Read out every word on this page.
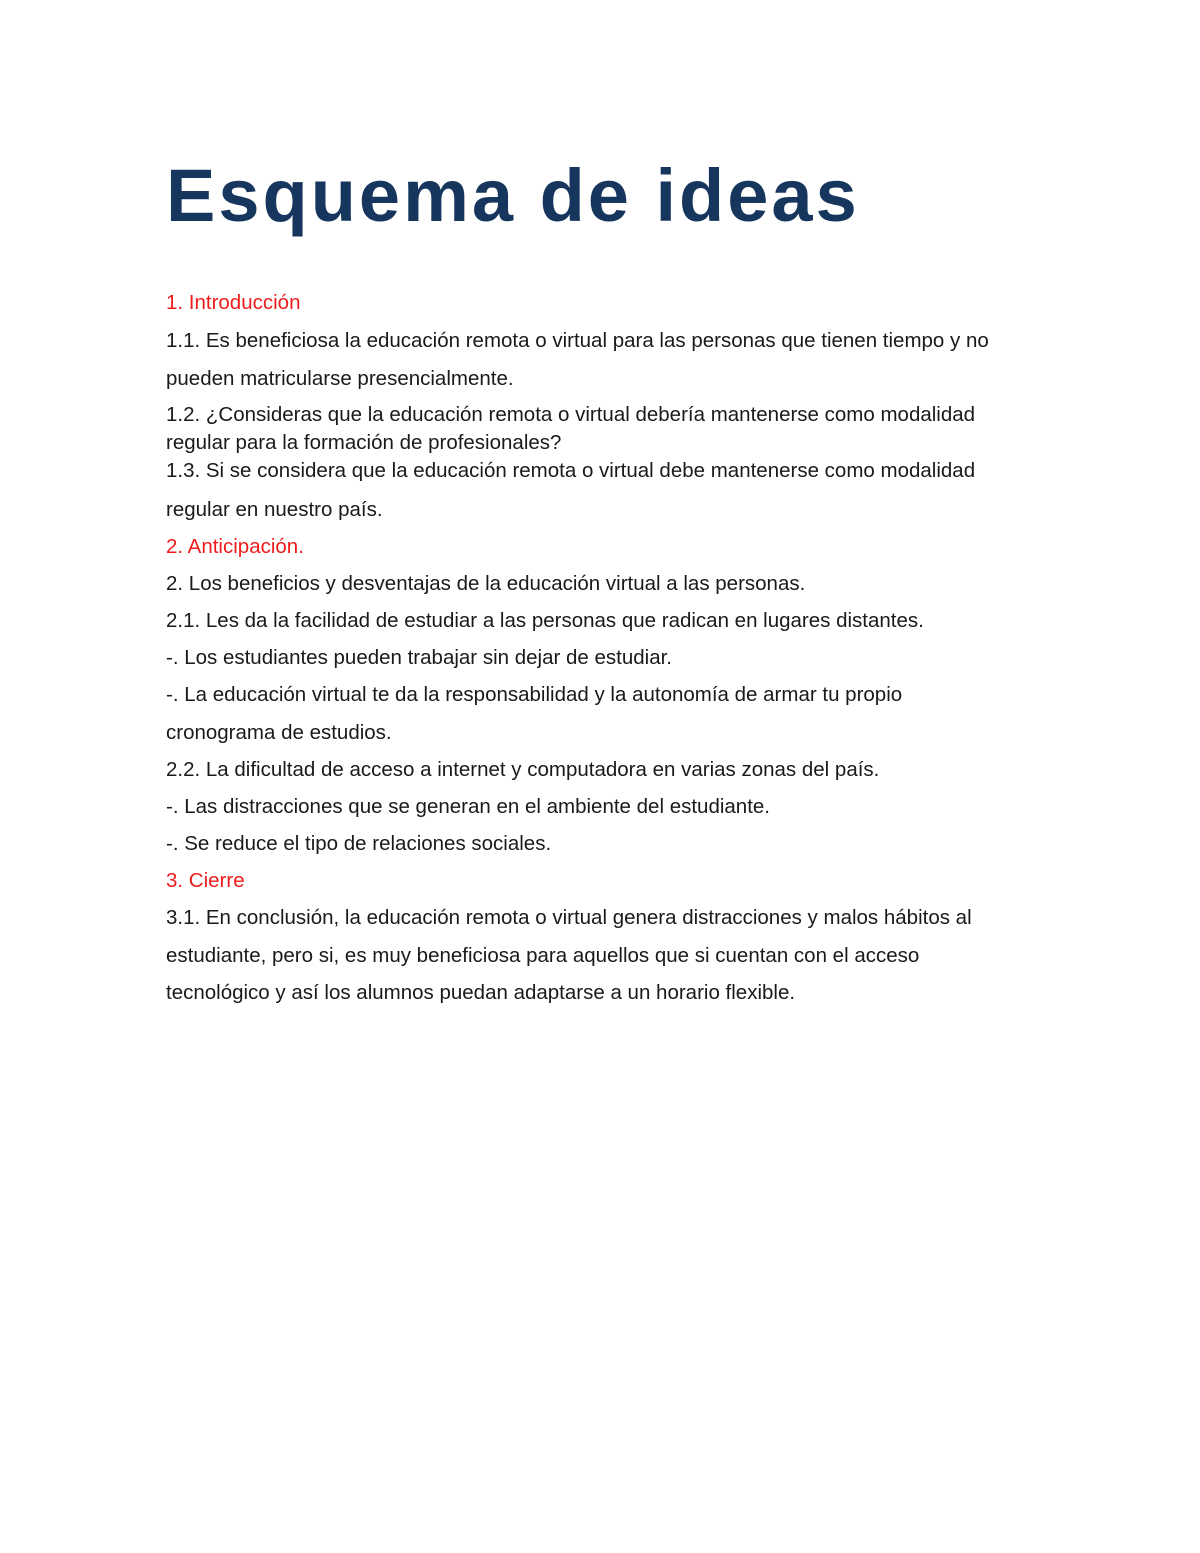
Esquema de ideas

1. Introducción

1.1. Es beneficiosa la educación remota o virtual para las personas que tienen tiempo y no

pueden matricularse presencialmente.

1.2. ¿Consideras que la educación remota o virtual debería mantenerse como modalidad

regular para la formación de profesionales?

1.3. Si se considera que la educación remota o virtual debe mantenerse como modalidad

regular en nuestro país.

2. Anticipación.

2. Los beneficios y desventajas de la educación virtual a las personas.

2.1. Les da la facilidad de estudiar a las personas que radican en lugares distantes.

-. Los estudiantes pueden trabajar sin dejar de estudiar.

-. La educación virtual te da la responsabilidad y la autonomía de armar tu propio

cronograma de estudios.

2.2. La dificultad de acceso a internet y computadora en varias zonas del país.

-. Las distracciones que se generan en el ambiente del estudiante.

-. Se reduce el tipo de relaciones sociales.

3. Cierre

3.1. En conclusión, la educación remota o virtual genera distracciones y malos hábitos al

estudiante, pero si, es muy beneficiosa para aquellos que si cuentan con el acceso

tecnológico y así los alumnos puedan adaptarse a un horario flexible.
